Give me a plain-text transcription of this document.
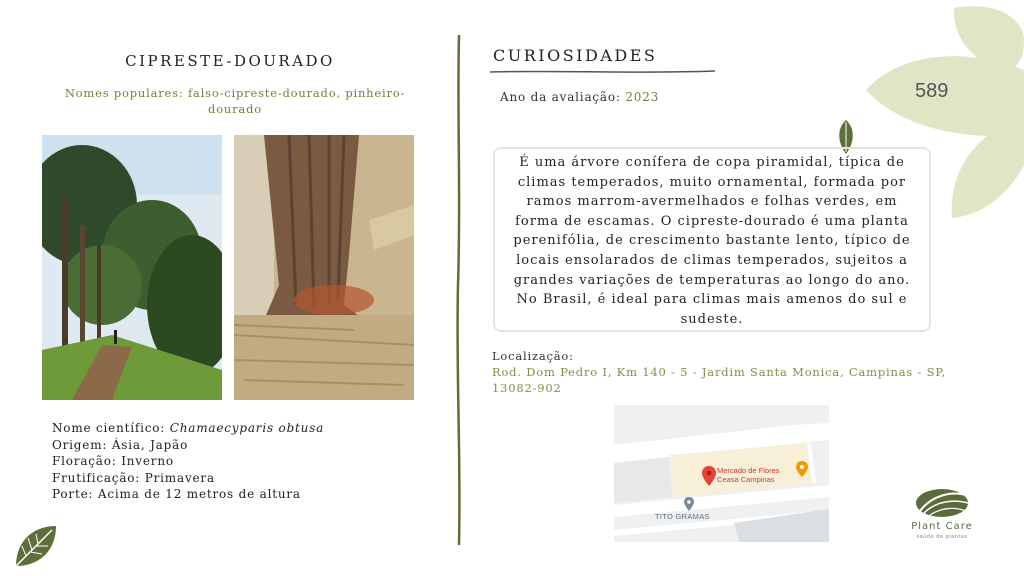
589
CIPRESTE-DOURADO
Nomes populares: falso-cipreste-dourado, pinheiro-dourado
Nome científico: Chamaecyparis obtusa
Origem: Ásia, Japão
Floração: Inverno
Frutificação: Primavera
Porte: Acima de 12 metros de altura
CURIOSIDADES
Ano da avaliação: 2023

É uma árvore conífera de copa piramidal, típica de climas temperados, muito ornamental, formada por ramos marrom-avermelhados e folhas verdes, em forma de escamas. O cipreste-dourado é uma planta perenifólia, de crescimento bastante lento, típico de locais ensolarados de climas temperados, sujeitos a grandes variações de temperaturas ao longo do ano. No Brasil, é ideal para climas mais amenos do sul e sudeste.

Localização:
Rod. Dom Pedro I, Km 140 - 5 - Jardim Santa Monica, Campinas - SP, 13082-902
Mercado de Flores
Ceasa Campinas
TITO GRAMAS
Plant Care
saúde de plantas
